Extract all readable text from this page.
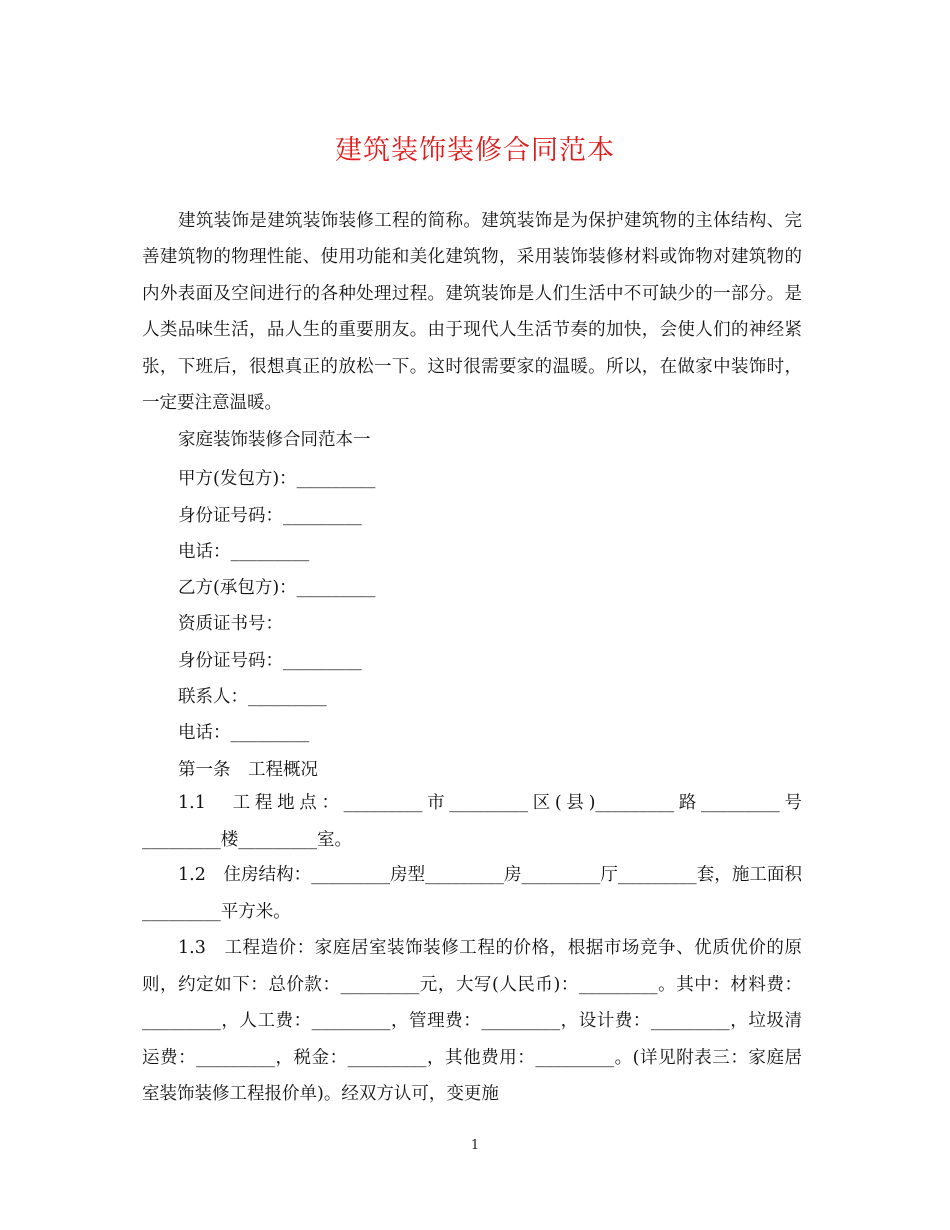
建筑装饰装修合同范本

建筑装饰是建筑装饰装修工程的简称。建筑装饰是为保护建筑物的主体结构、完善建筑物的物理性能、使用功能和美化建筑物，采用装饰装修材料或饰物对建筑物的内外表面及空间进行的各种处理过程。建筑装饰是人们生活中不可缺少的一部分。是人类品味生活，品人生的重要朋友。由于现代人生活节奏的加快，会使人们的神经紧张，下班后，很想真正的放松一下。这时很需要家的温暖。所以，在做家中装饰时，一定要注意温暖。

家庭装饰装修合同范本一
甲方(发包方)：_________
身份证号码：_________
电话：_________
乙方(承包方)：_________
资质证书号：
身份证号码：_________
联系人：_________
电话：_________
第一条　工程概况

1.1　工程地点：_________市_________区(县)_________路_________号_________楼_________室。

1.2　住房结构：_________房型_________房_________厅_________套，施工面积_________平方米。

1.3　工程造价：家庭居室装饰装修工程的价格，根据市场竞争、优质优价的原则，约定如下：总价款：_________元，大写(人民币)：_________。其中：材料费：_________，人工费：_________，管理费：_________，设计费：_________，垃圾清运费：_________，税金：_________，其他费用：_________。(详见附表三：家庭居室装饰装修工程报价单)。经双方认可，变更施

1
